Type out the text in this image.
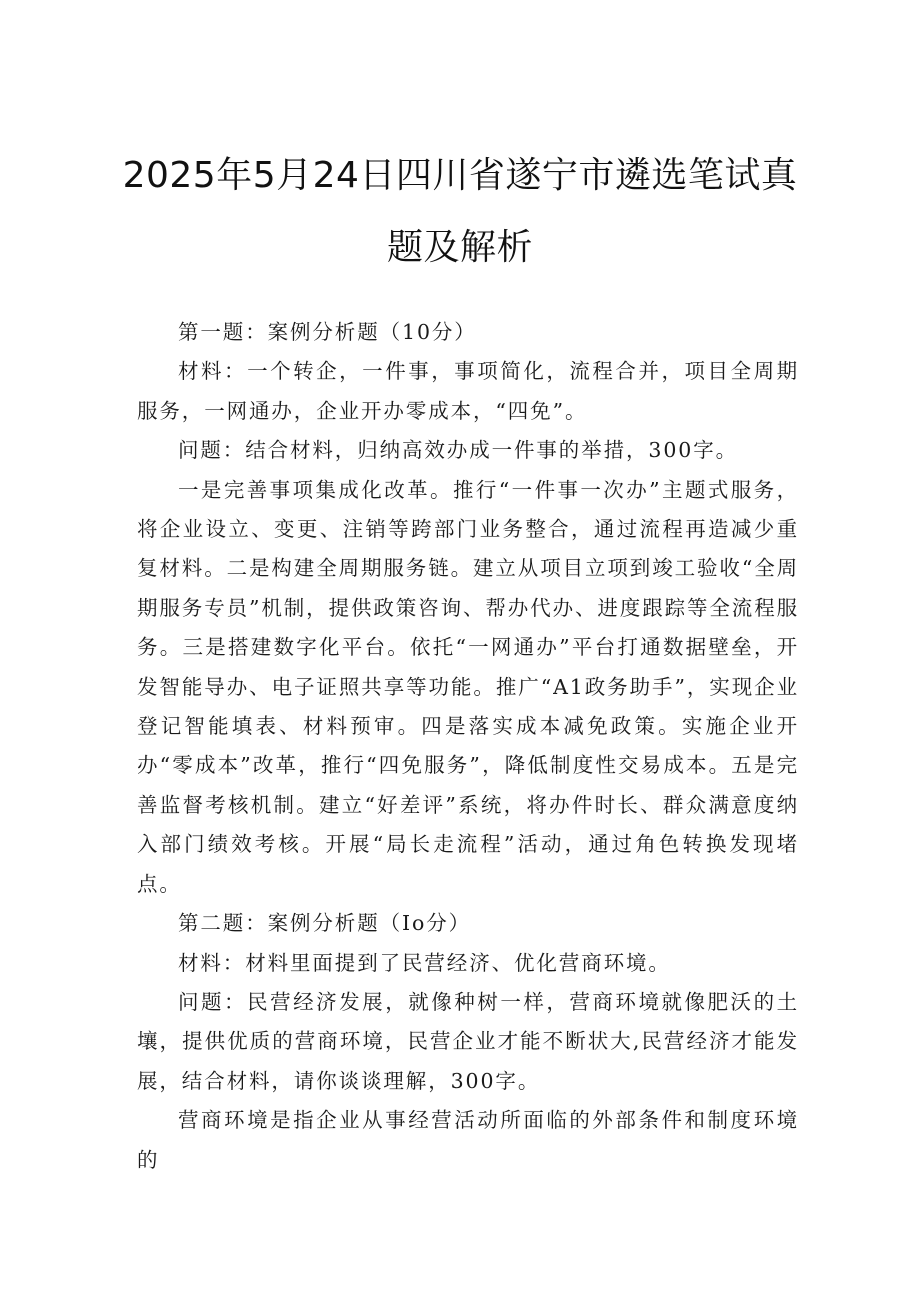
2025年5月24日四川省遂宁市遴选笔试真
题及解析

第一题：案例分析题（10分）

材料：一个转企，一件事，事项简化，流程合并，项目全周期服务，一网通办，企业开办零成本，“四免”。

问题：结合材料，归纳高效办成一件事的举措，300字。

一是完善事项集成化改革。推行“一件事一次办”主题式服务，将企业设立、变更、注销等跨部门业务整合，通过流程再造减少重复材料。二是构建全周期服务链。建立从项目立项到竣工验收“全周期服务专员”机制，提供政策咨询、帮办代办、进度跟踪等全流程服务。三是搭建数字化平台。依托“一网通办”平台打通数据壁垒，开发智能导办、电子证照共享等功能。推广“A1政务助手”，实现企业登记智能填表、材料预审。四是落实成本减免政策。实施企业开办“零成本”改革，推行“四免服务”，降低制度性交易成本。五是完善监督考核机制。建立“好差评”系统，将办件时长、群众满意度纳入部门绩效考核。开展“局长走流程”活动，通过角色转换发现堵点。

第二题：案例分析题（Io分）

材料：材料里面提到了民营经济、优化营商环境。

问题：民营经济发展，就像种树一样，营商环境就像肥沃的土壤，提供优质的营商环境，民营企业才能不断状大,民营经济才能发展，结合材料，请你谈谈理解，300字。

营商环境是指企业从事经营活动所面临的外部条件和制度环境的
